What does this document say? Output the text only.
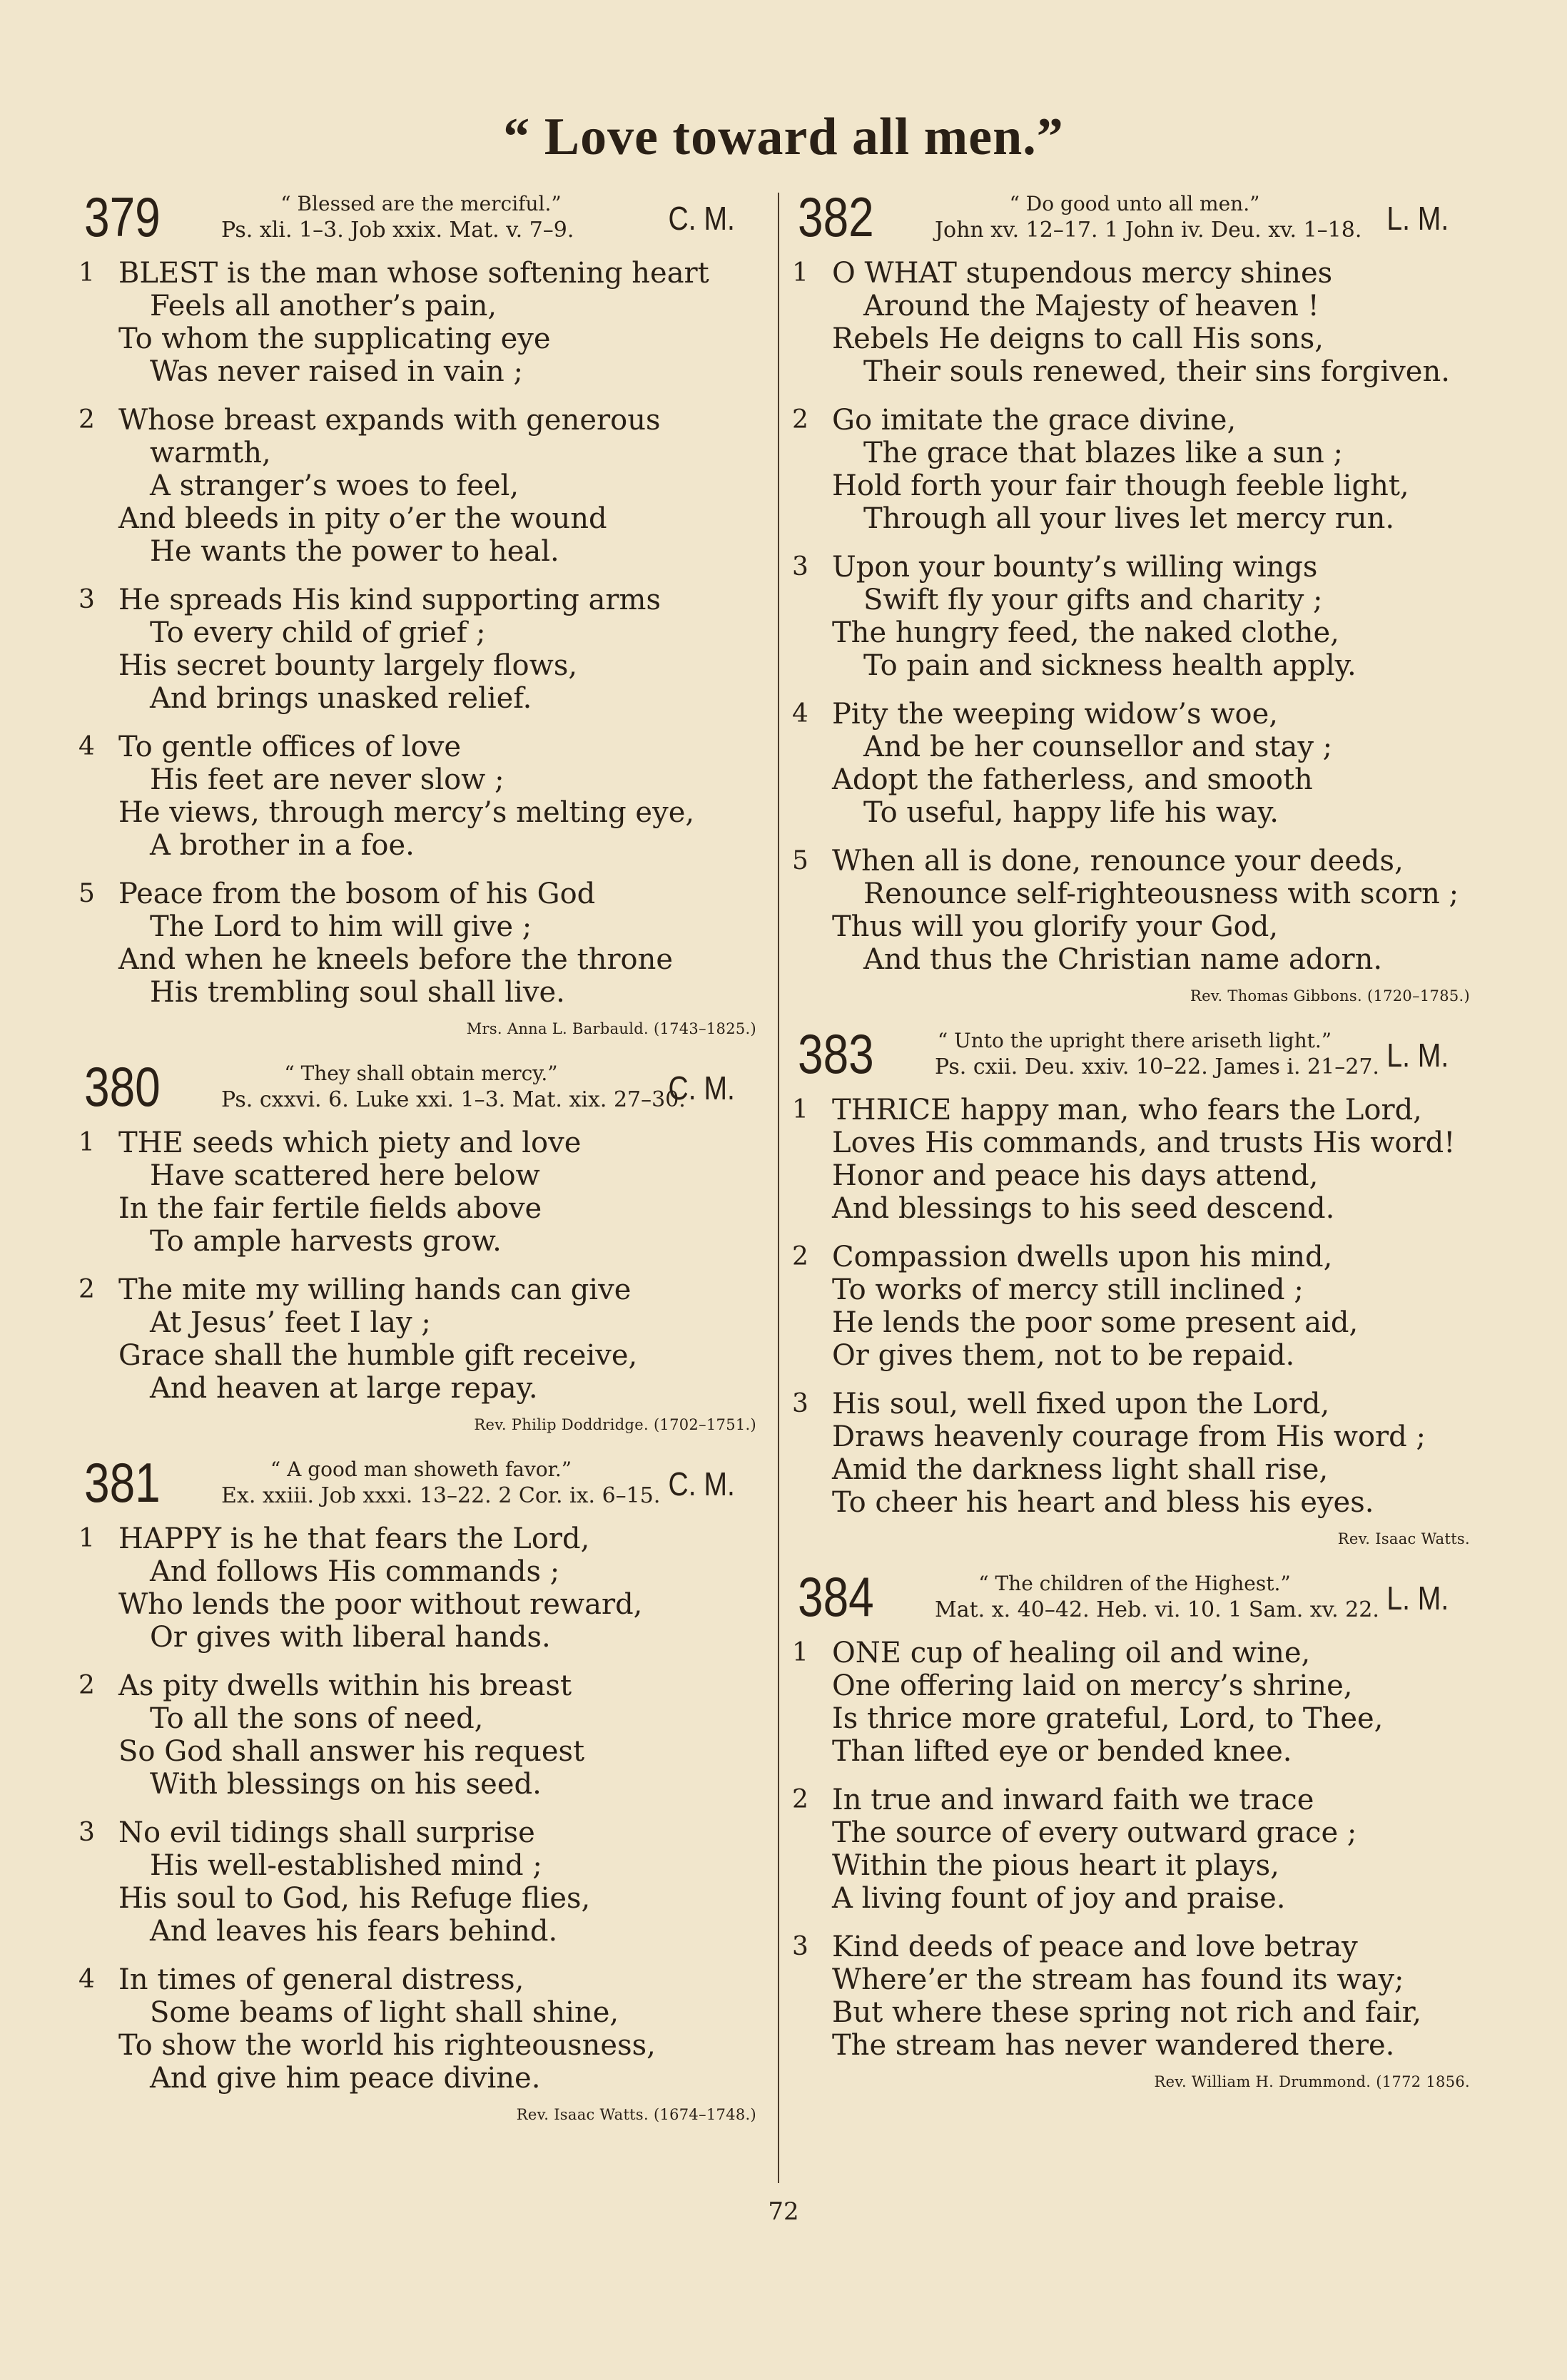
“ Love toward all men.”
379	“ Blessed are the merciful.”
Ps. xli. 1–3. Job xxix. Mat. v. 7–9.	C. M.
1 BLEST is the man whose softening heart
Feels all another’s pain,
To whom the supplicating eye
Was never raised in vain ;
2 Whose breast expands with generous
warmth,
A stranger’s woes to feel,
And bleeds in pity o’er the wound
He wants the power to heal.
3 He spreads His kind supporting arms
To every child of grief ;
His secret bounty largely flows,
And brings unasked relief.
4 To gentle offices of love
His feet are never slow ;
He views, through mercy’s melting eye,
A brother in a foe.
5 Peace from the bosom of his God
The Lord to him will give ;
And when he kneels before the throne
His trembling soul shall live.
Mrs. Anna L. Barbauld. (1743–1825.)
380	“ They shall obtain mercy.”
Ps. cxxvi. 6. Luke xxi. 1–3. Mat. xix. 27–30.
C. M.
1 THE seeds which piety and love
Have scattered here below
In the fair fertile fields above
To ample harvests grow.
2 The mite my willing hands can give
At Jesus’ feet I lay ;
Grace shall the humble gift receive,
And heaven at large repay.
Rev. Philip Doddridge. (1702–1751.)
381	“ A good man showeth favor.”
Ex. xxiii. Job xxxi. 13–22. 2 Cor. ix. 6–15. C. M.
1 HAPPY is he that fears the Lord,
And follows His commands ;
Who lends the poor without reward,
Or gives with liberal hands.
2 As pity dwells within his breast
To all the sons of need,
So God shall answer his request
With blessings on his seed.
3 No evil tidings shall surprise
His well-established mind ;
His soul to God, his Refuge flies,
And leaves his fears behind.
4 In times of general distress,
Some beams of light shall shine,
To show the world his righteousness,
And give him peace divine.
Rev. Isaac Watts. (1674–1748.)
382	“ Do good unto all men.”
John xv. 12–17. 1 John iv. Deu. xv. 1–18. L. M.
1 O WHAT stupendous mercy shines
Around the Majesty of heaven !
Rebels He deigns to call His sons,
Their souls renewed, their sins forgiven.
2 Go imitate the grace divine,
The grace that blazes like a sun ;
Hold forth your fair though feeble light,
Through all your lives let mercy run.
3 Upon your bounty’s willing wings
Swift fly your gifts and charity ;
The hungry feed, the naked clothe,
To pain and sickness health apply.
4 Pity the weeping widow’s woe,
And be her counsellor and stay ;
Adopt the fatherless, and smooth
To useful, happy life his way.
5 When all is done, renounce your deeds,
Renounce self-righteousness with scorn ;
Thus will you glorify your God,
And thus the Christian name adorn.
Rev. Thomas Gibbons. (1720–1785.)
383	“ Unto the upright there ariseth light.”
Ps. cxii. Deu. xxiv. 10–22. James i. 21–27. L. M.
1 THRICE happy man, who fears the Lord,
Loves His commands, and trusts His word!
Honor and peace his days attend,
And blessings to his seed descend.
2 Compassion dwells upon his mind,
To works of mercy still inclined ;
He lends the poor some present aid,
Or gives them, not to be repaid.
3 His soul, well fixed upon the Lord,
Draws heavenly courage from His word ;
Amid the darkness light shall rise,
To cheer his heart and bless his eyes.
Rev. Isaac Watts.
384	“ The children of the Highest.”
Mat. x. 40–42. Heb. vi. 10. 1 Sam. xv. 22. L. M.
1 ONE cup of healing oil and wine,
One offering laid on mercy’s shrine,
Is thrice more grateful, Lord, to Thee,
Than lifted eye or bended knee.
2 In true and inward faith we trace
The source of every outward grace ;
Within the pious heart it plays,
A living fount of joy and praise.
3 Kind deeds of peace and love betray
Where’er the stream has found its way;
But where these spring not rich and fair,
The stream has never wandered there.
Rev. William H. Drummond. (1772 1856.
72
